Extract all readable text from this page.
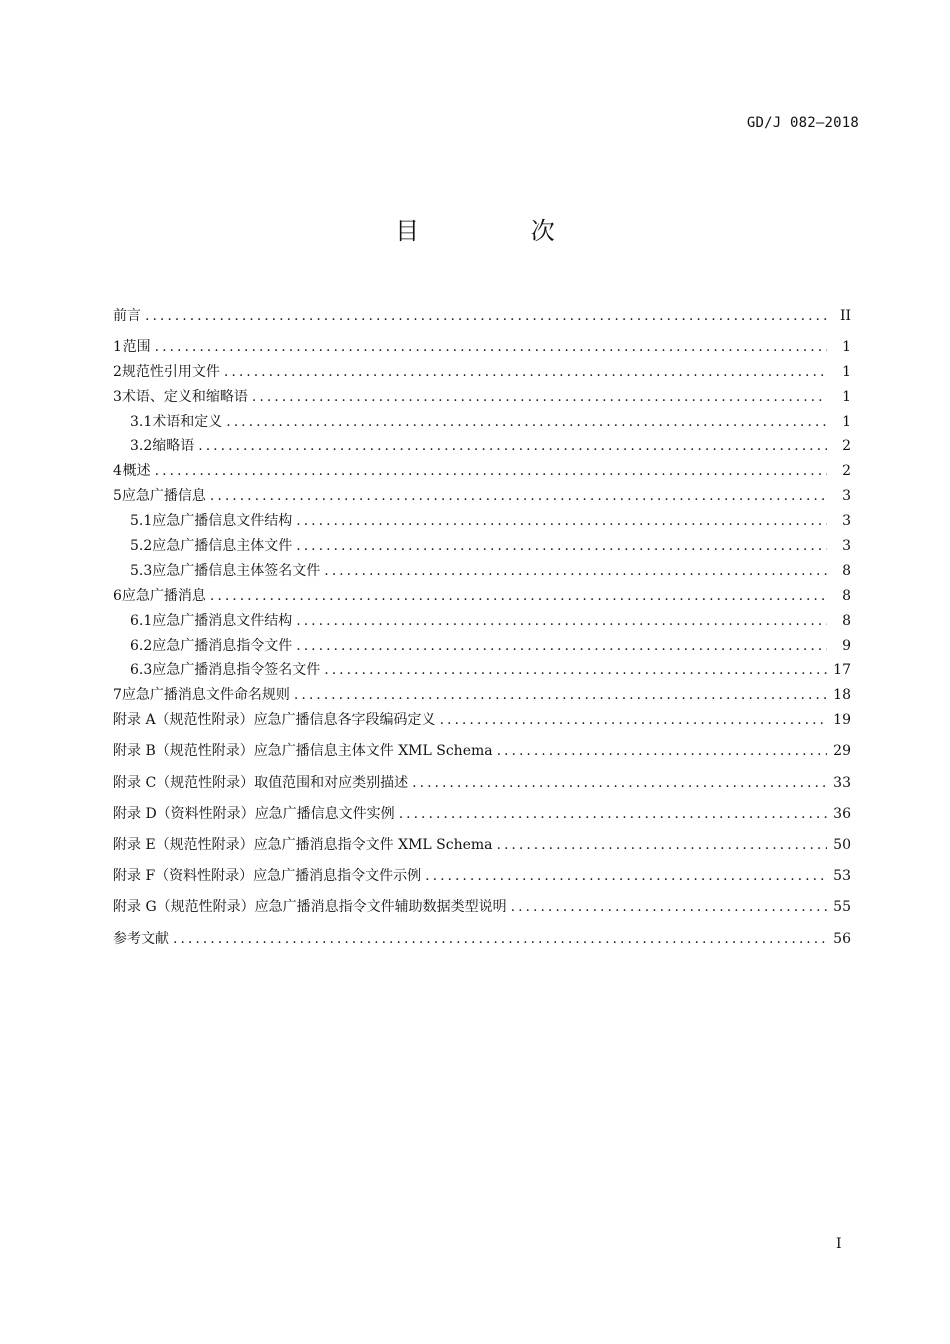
GD/J 082—2018
目 次
前言 .....	II
1 范围 .....	1
2 规范性引用文件 .....	1
3 术语、定义和缩略语 .....	1
3.1 术语和定义 .....	1
3.2 缩略语 .....	2
4 概述 .....	2
5 应急广播信息 .....	3
5.1 应急广播信息文件结构 .....	3
5.2 应急广播信息主体文件 .....	3
5.3 应急广播信息主体签名文件 .....	8
6 应急广播消息 .....	8
6.1 应急广播消息文件结构 .....	8
6.2 应急广播消息指令文件 .....	9
6.3 应急广播消息指令签名文件 .....	17
7 应急广播消息文件命名规则 .....	18
附录 A（规范性附录） 应急广播信息各字段编码定义 .....	19
附录 B（规范性附录） 应急广播信息主体文件 XML Schema .....	29
附录 C（规范性附录） 取值范围和对应类别描述 .....	33
附录 D（资料性附录） 应急广播信息文件实例 .....	36
附录 E（规范性附录） 应急广播消息指令文件 XML Schema .....	50
附录 F（资料性附录） 应急广播消息指令文件示例 .....	53
附录 G（规范性附录） 应急广播消息指令文件辅助数据类型说明 .....	55
参考文献 .....	56
I
